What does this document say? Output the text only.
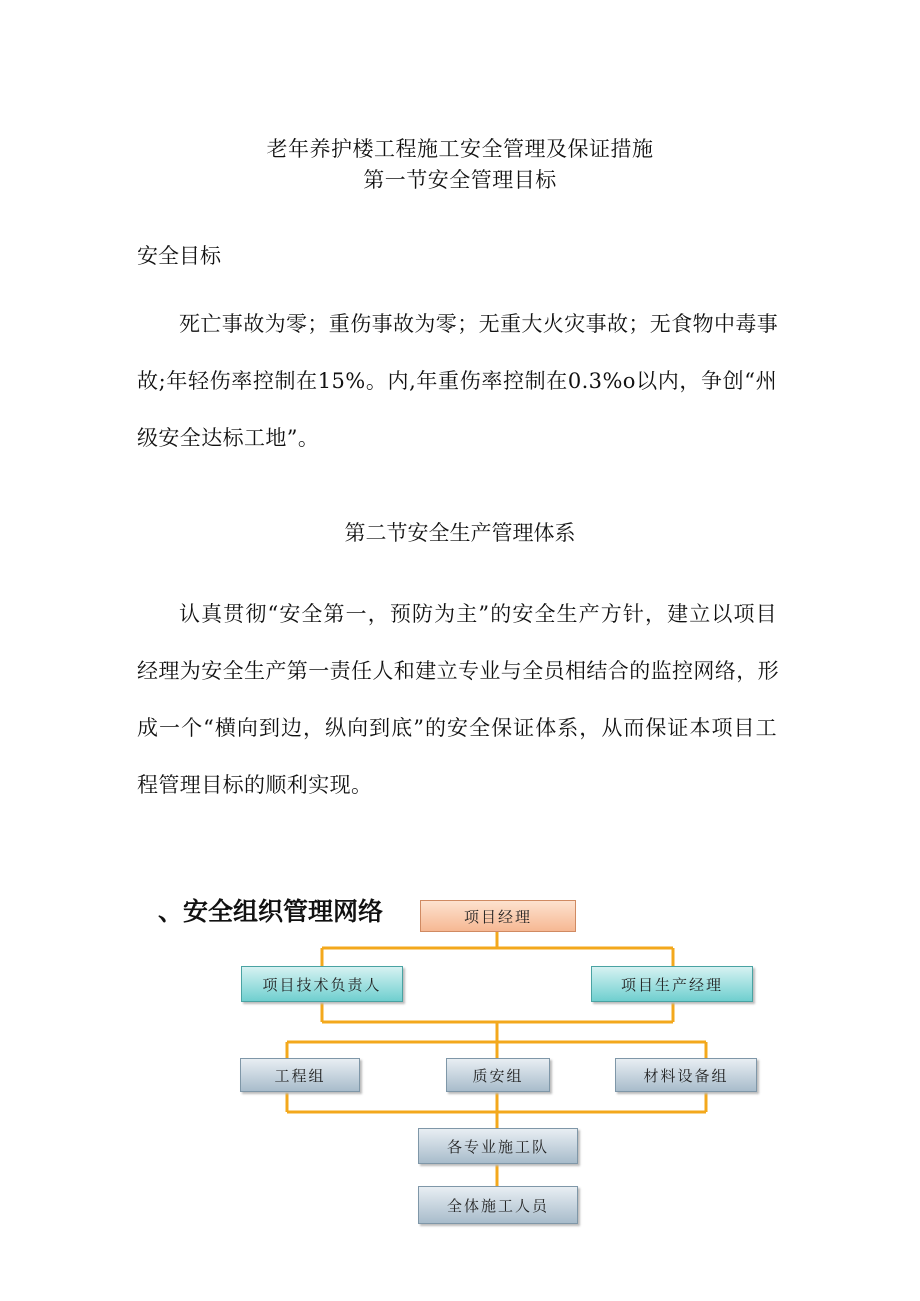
老年养护楼工程施工安全管理及保证措施
第一节安全管理目标
安全目标
死亡事故为零；重伤事故为零；无重大火灾事故；无食物中毒事
故;年轻伤率控制在15%。内,年重伤率控制在0.3%o以内，争创“州
级安全达标工地”。
第二节安全生产管理体系
认真贯彻“安全第一，预防为主”的安全生产方针，建立以项目
经理为安全生产第一责任人和建立专业与全员相结合的监控网络，形
成一个“横向到边，纵向到底”的安全保证体系，从而保证本项目工
程管理目标的顺利实现。
、安全组织管理网络	项目经理
项目技术负责人	项目生产经理
工程组	质安组	材料设备组
各专业施工队
全体施工人员
